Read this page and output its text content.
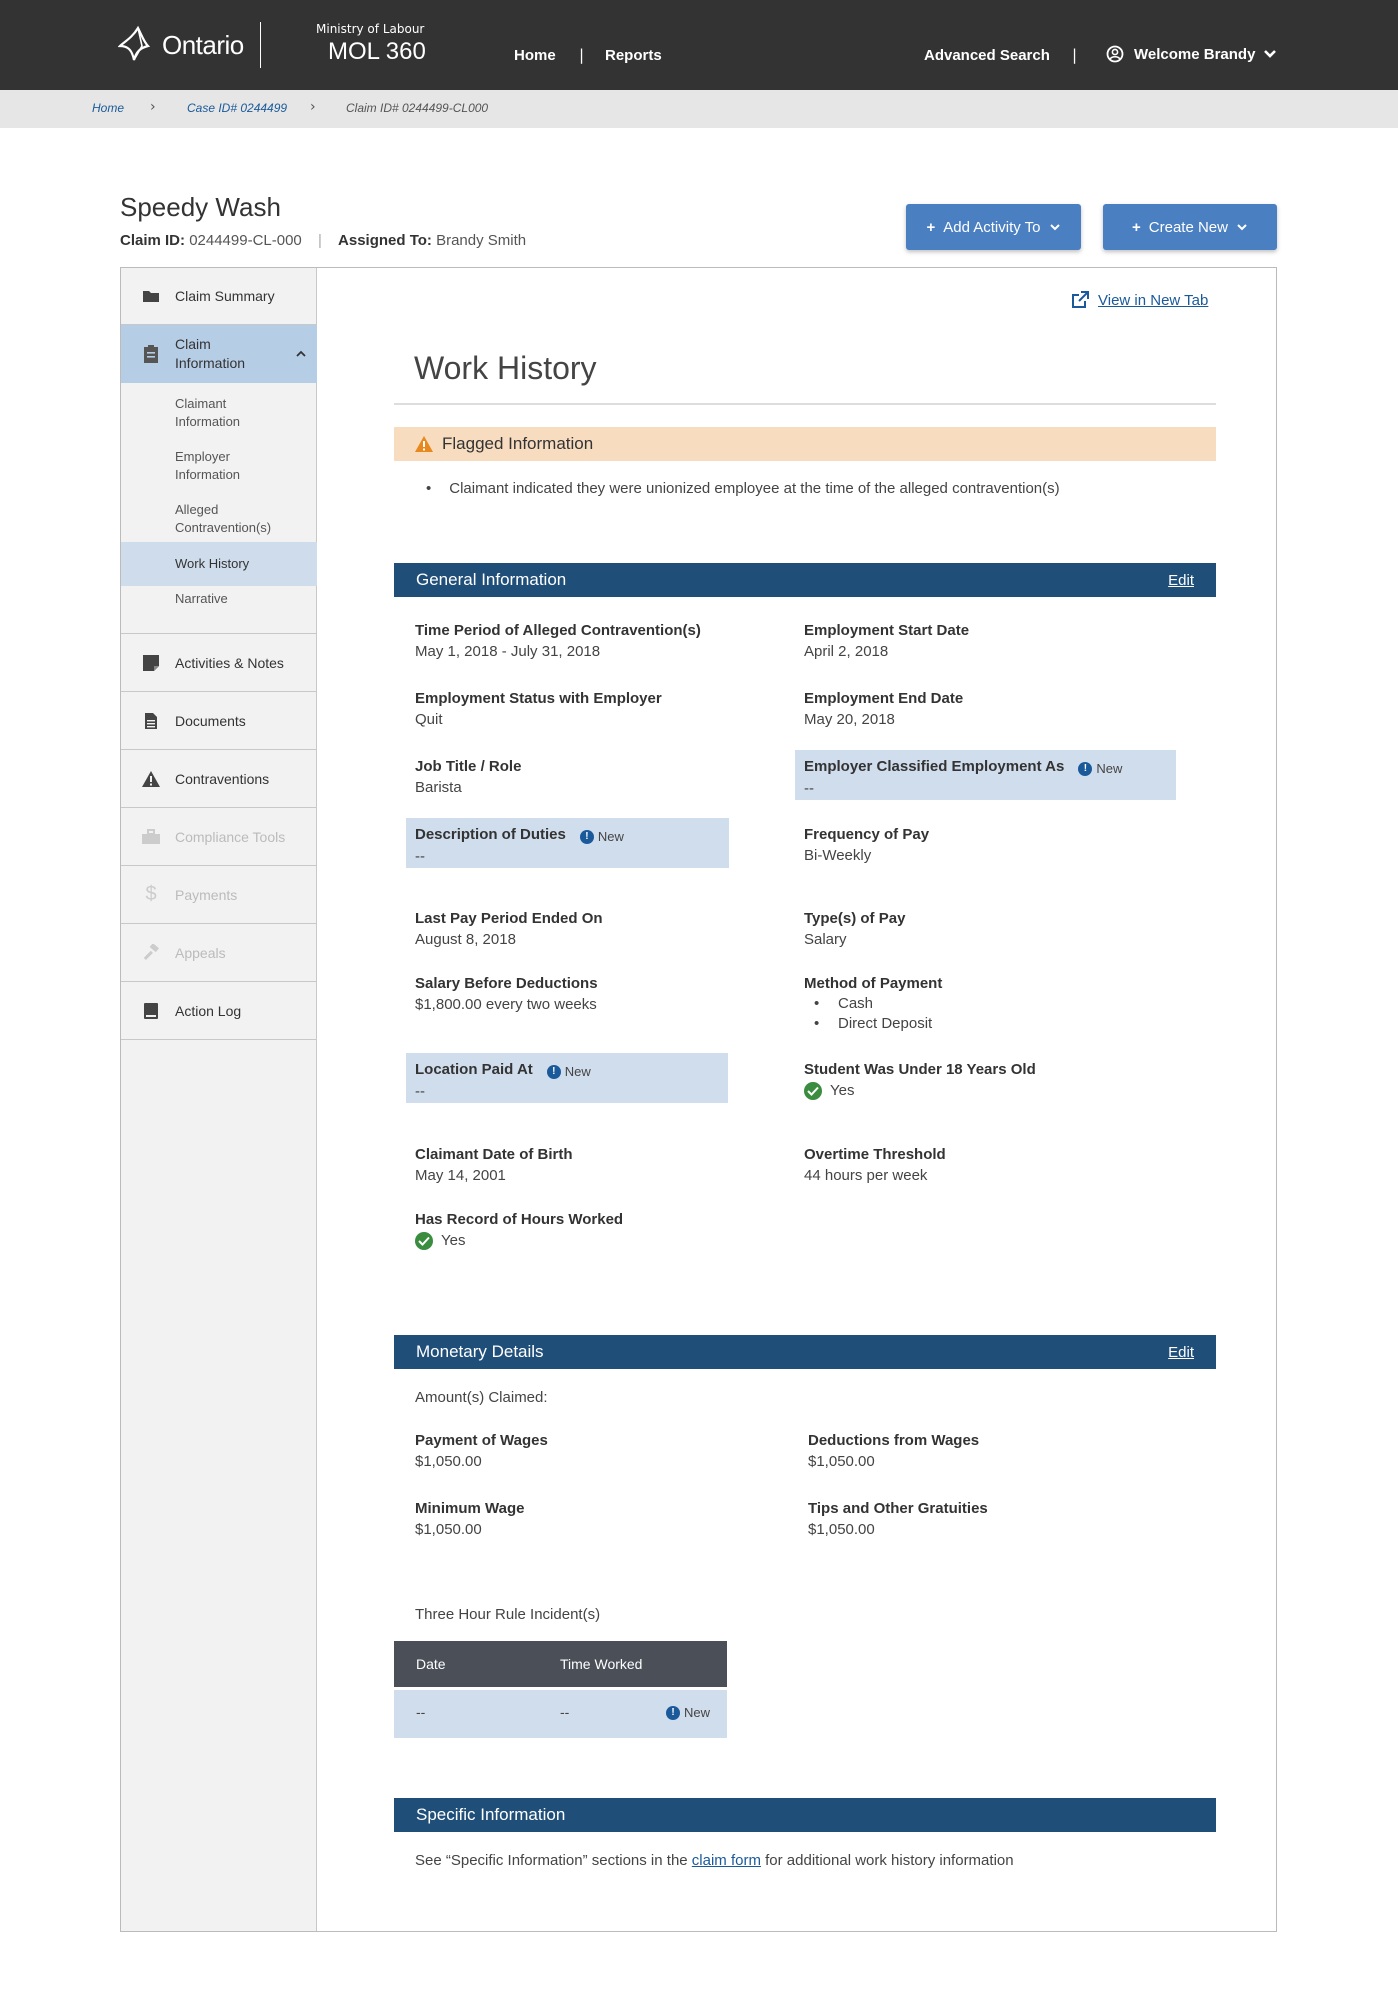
Ontario
Ministry of Labour
MOL 360	Home | Reports	Advanced Search |	Welcome Brandy
Home ›	Case ID# 0244499 ›	Claim ID# 0244499-CL000
Speedy Wash
Claim ID: 0244499-CL-000 | Assigned To: Brandy Smith
+ Add Activity To	+ Create New
Claim Summary
Claim
Information
Claimant
Information
Employer
Information
Alleged
Contravention(s)
Work History
Narrative
Activities & Notes
Documents
Contraventions
Compliance Tools
$	Payments
Appeals
Action Log
View in New Tab
Work History
Flagged Information
• Claimant indicated they were unionized employee at the time of the alleged contravention(s)
General Information	Edit
Time Period of Alleged Contravention(s)
May 1, 2018 - July 31, 2018
Employment Start Date
April 2, 2018
Employment Status with Employer
Quit
Employment End Date
May 20, 2018
Job Title / Role
Barista
Employer Classified Employment As	! New
--
Description of Duties	! New
--
Frequency of Pay
Bi-Weekly
Last Pay Period Ended On
August 8, 2018
Type(s) of Pay
Salary
Salary Before Deductions
$1,800.00 every two weeks
Method of Payment
• Cash
• Direct Deposit
Location Paid At	! New
--
Student Was Under 18 Years Old
Yes
Claimant Date of Birth
May 14, 2001
Overtime Threshold
44 hours per week
Has Record of Hours Worked
Yes
Monetary Details	Edit
Amount(s) Claimed:
Payment of Wages
$1,050.00
Deductions from Wages
$1,050.00
Minimum Wage
$1,050.00
Tips and Other Gratuities
$1,050.00
Three Hour Rule Incident(s)
Date	Time Worked
--	--	! New
Specific Information
See “Specific Information” sections in the claim form for additional work history information
